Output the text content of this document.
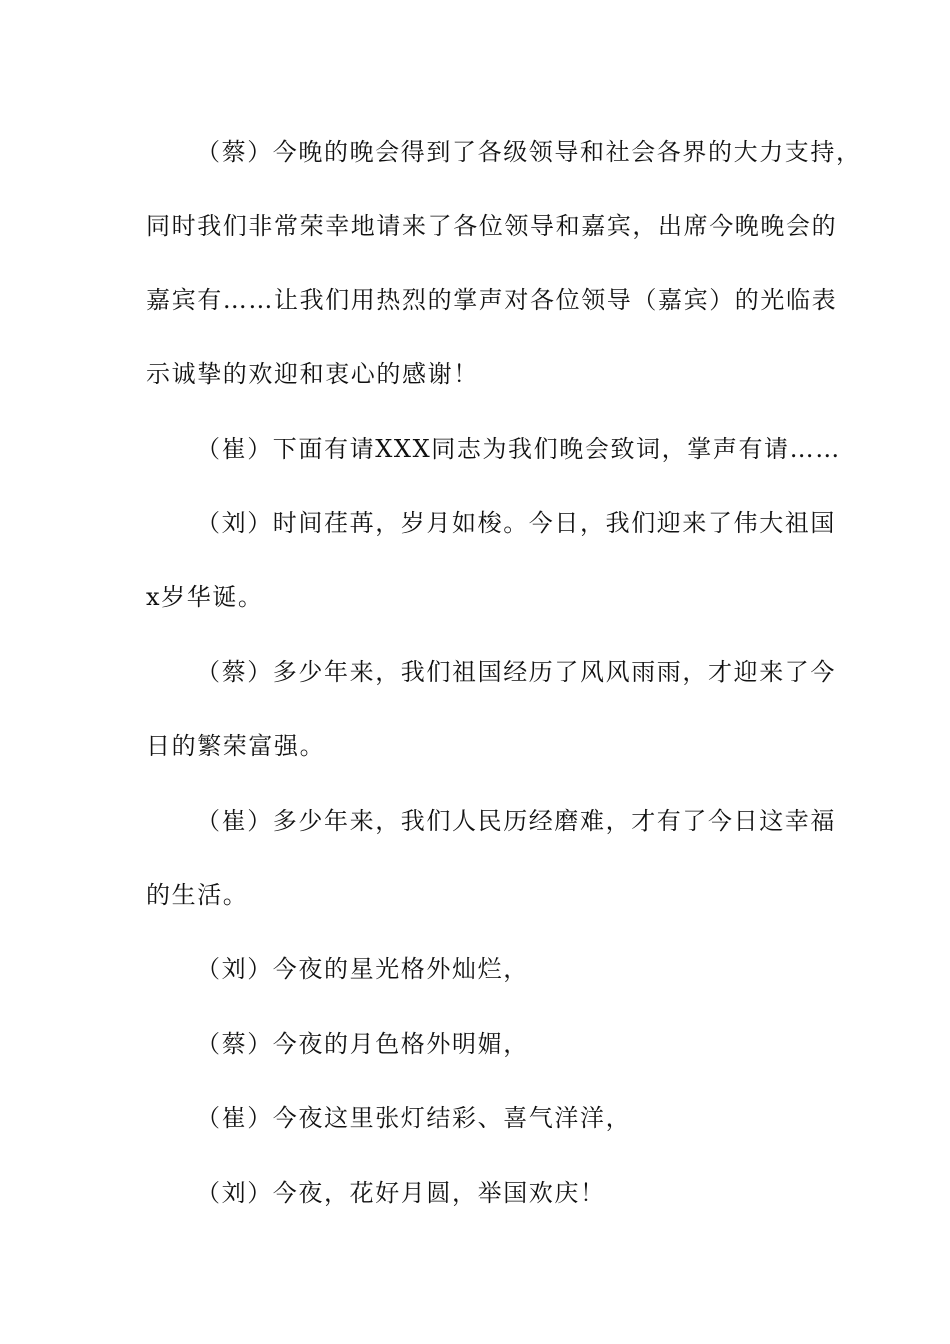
（蔡）今晚的晚会得到了各级领导和社会各界的大力支持，
同时我们非常荣幸地请来了各位领导和嘉宾，出席今晚晚会的
嘉宾有……让我们用热烈的掌声对各位领导（嘉宾）的光临表
示诚挚的欢迎和衷心的感谢！
（崔）下面有请XXX同志为我们晚会致词，掌声有请……
（刘）时间荏苒，岁月如梭。今日，我们迎来了伟大祖国
x岁华诞。
（蔡）多少年来，我们祖国经历了风风雨雨，才迎来了今
日的繁荣富强。
（崔）多少年来，我们人民历经磨难，才有了今日这幸福
的生活。
（刘）今夜的星光格外灿烂，
（蔡）今夜的月色格外明媚，
（崔）今夜这里张灯结彩、喜气洋洋，
（刘）今夜，花好月圆，举国欢庆！
